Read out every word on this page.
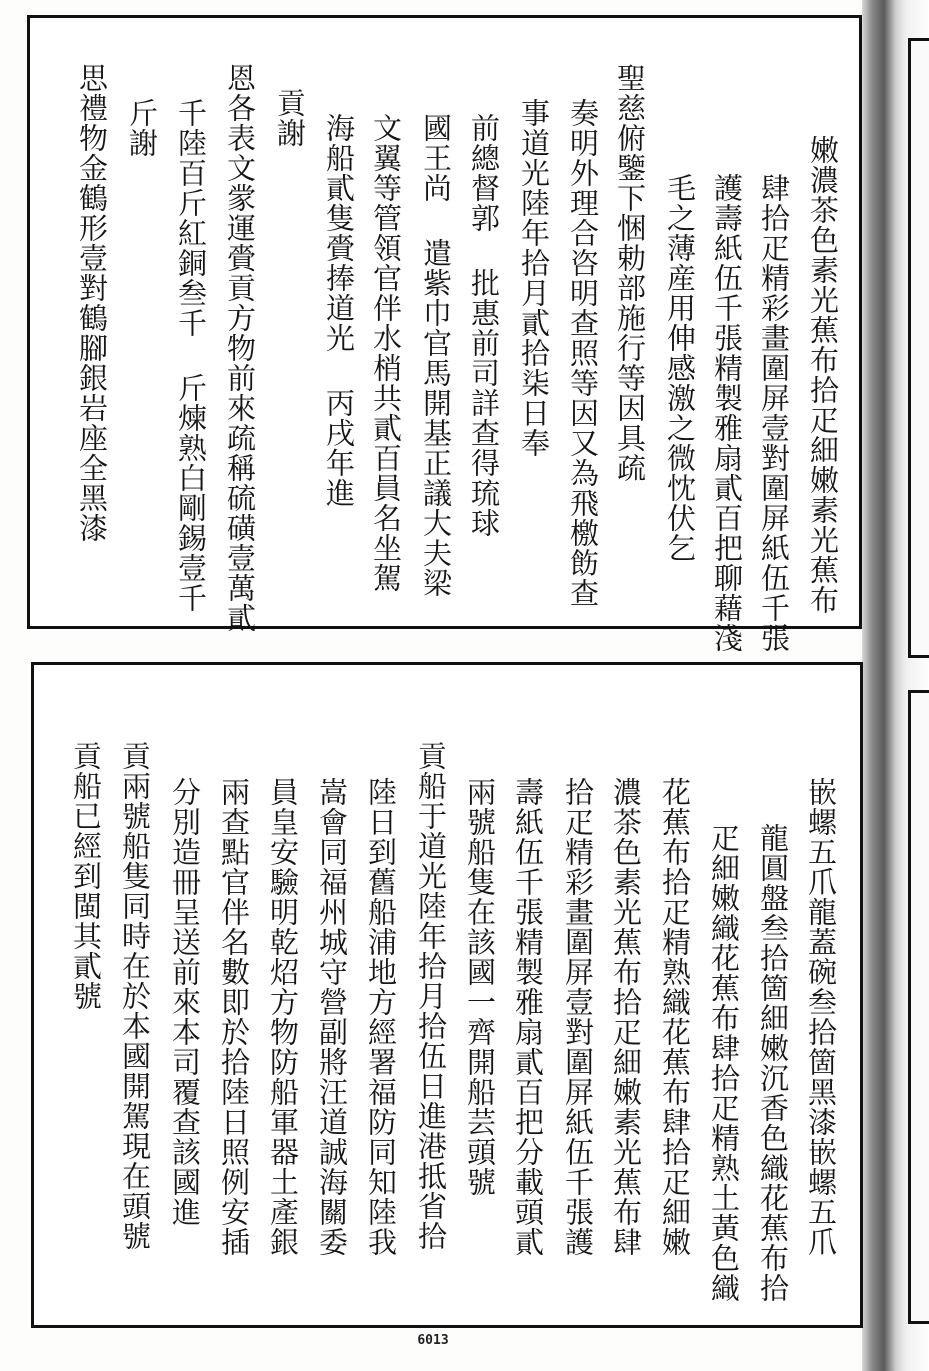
嫩濃茶色素光蕉布拾疋細嫩素光蕉布
肆拾疋精彩畫圍屏壹對圍屏紙伍千張
護壽紙伍千張精製雅扇貳百把聊藉淺
毛之薄産用伸感激之微忱伏乞
聖慈俯鑒下悃勅部施行等因具疏
奏明外理合咨明查照等因又為飛檄飭查
事道光陸年拾月貳拾柒日奉
前總督郭 批惠前司詳查得琉球
國王尚 遣紫巾官馬開基正議大夫梁
文翼等管領官伴水梢共貳百員名坐駕
海船貳隻賫捧道光 丙戌年進
貢謝
恩各表文䝉運賫貢方物前來疏稱硫磺壹萬貳
千陸百斤紅銅叁千 斤煉熟白剛錫壹千
斤謝
思禮物金鶴形壹對鶴腳銀岩座全黑漆
嵌螺五爪龍蓋碗叁拾箇黑漆嵌螺五爪
龍圓盤叁拾箇細嫩沉香色織花蕉布拾
疋細嫩織花蕉布肆拾疋精熟土黃色織
花蕉布拾疋精熟織花蕉布肆拾疋細嫩
濃茶色素光蕉布拾疋細嫩素光蕉布肆
拾疋精彩畫圍屏壹對圍屏紙伍千張護
壽紙伍千張精製雅扇貳百把分載頭貳
兩號船隻在該國一齊開船芸頭號
貢船于道光陸年拾月拾伍日進港抵省拾
陸日到舊船浦地方經署福防同知陸我
嵩會同福州城守營副將汪道誠海關委
員皇安驗明乾炤方物防船軍器土產銀
兩查點官伴名數即於拾陸日照例安插
分別造冊呈送前來本司覆查該國進
貢兩號船隻同時在於本國開駕現在頭號
貢船已經到閩其貳號
6013
